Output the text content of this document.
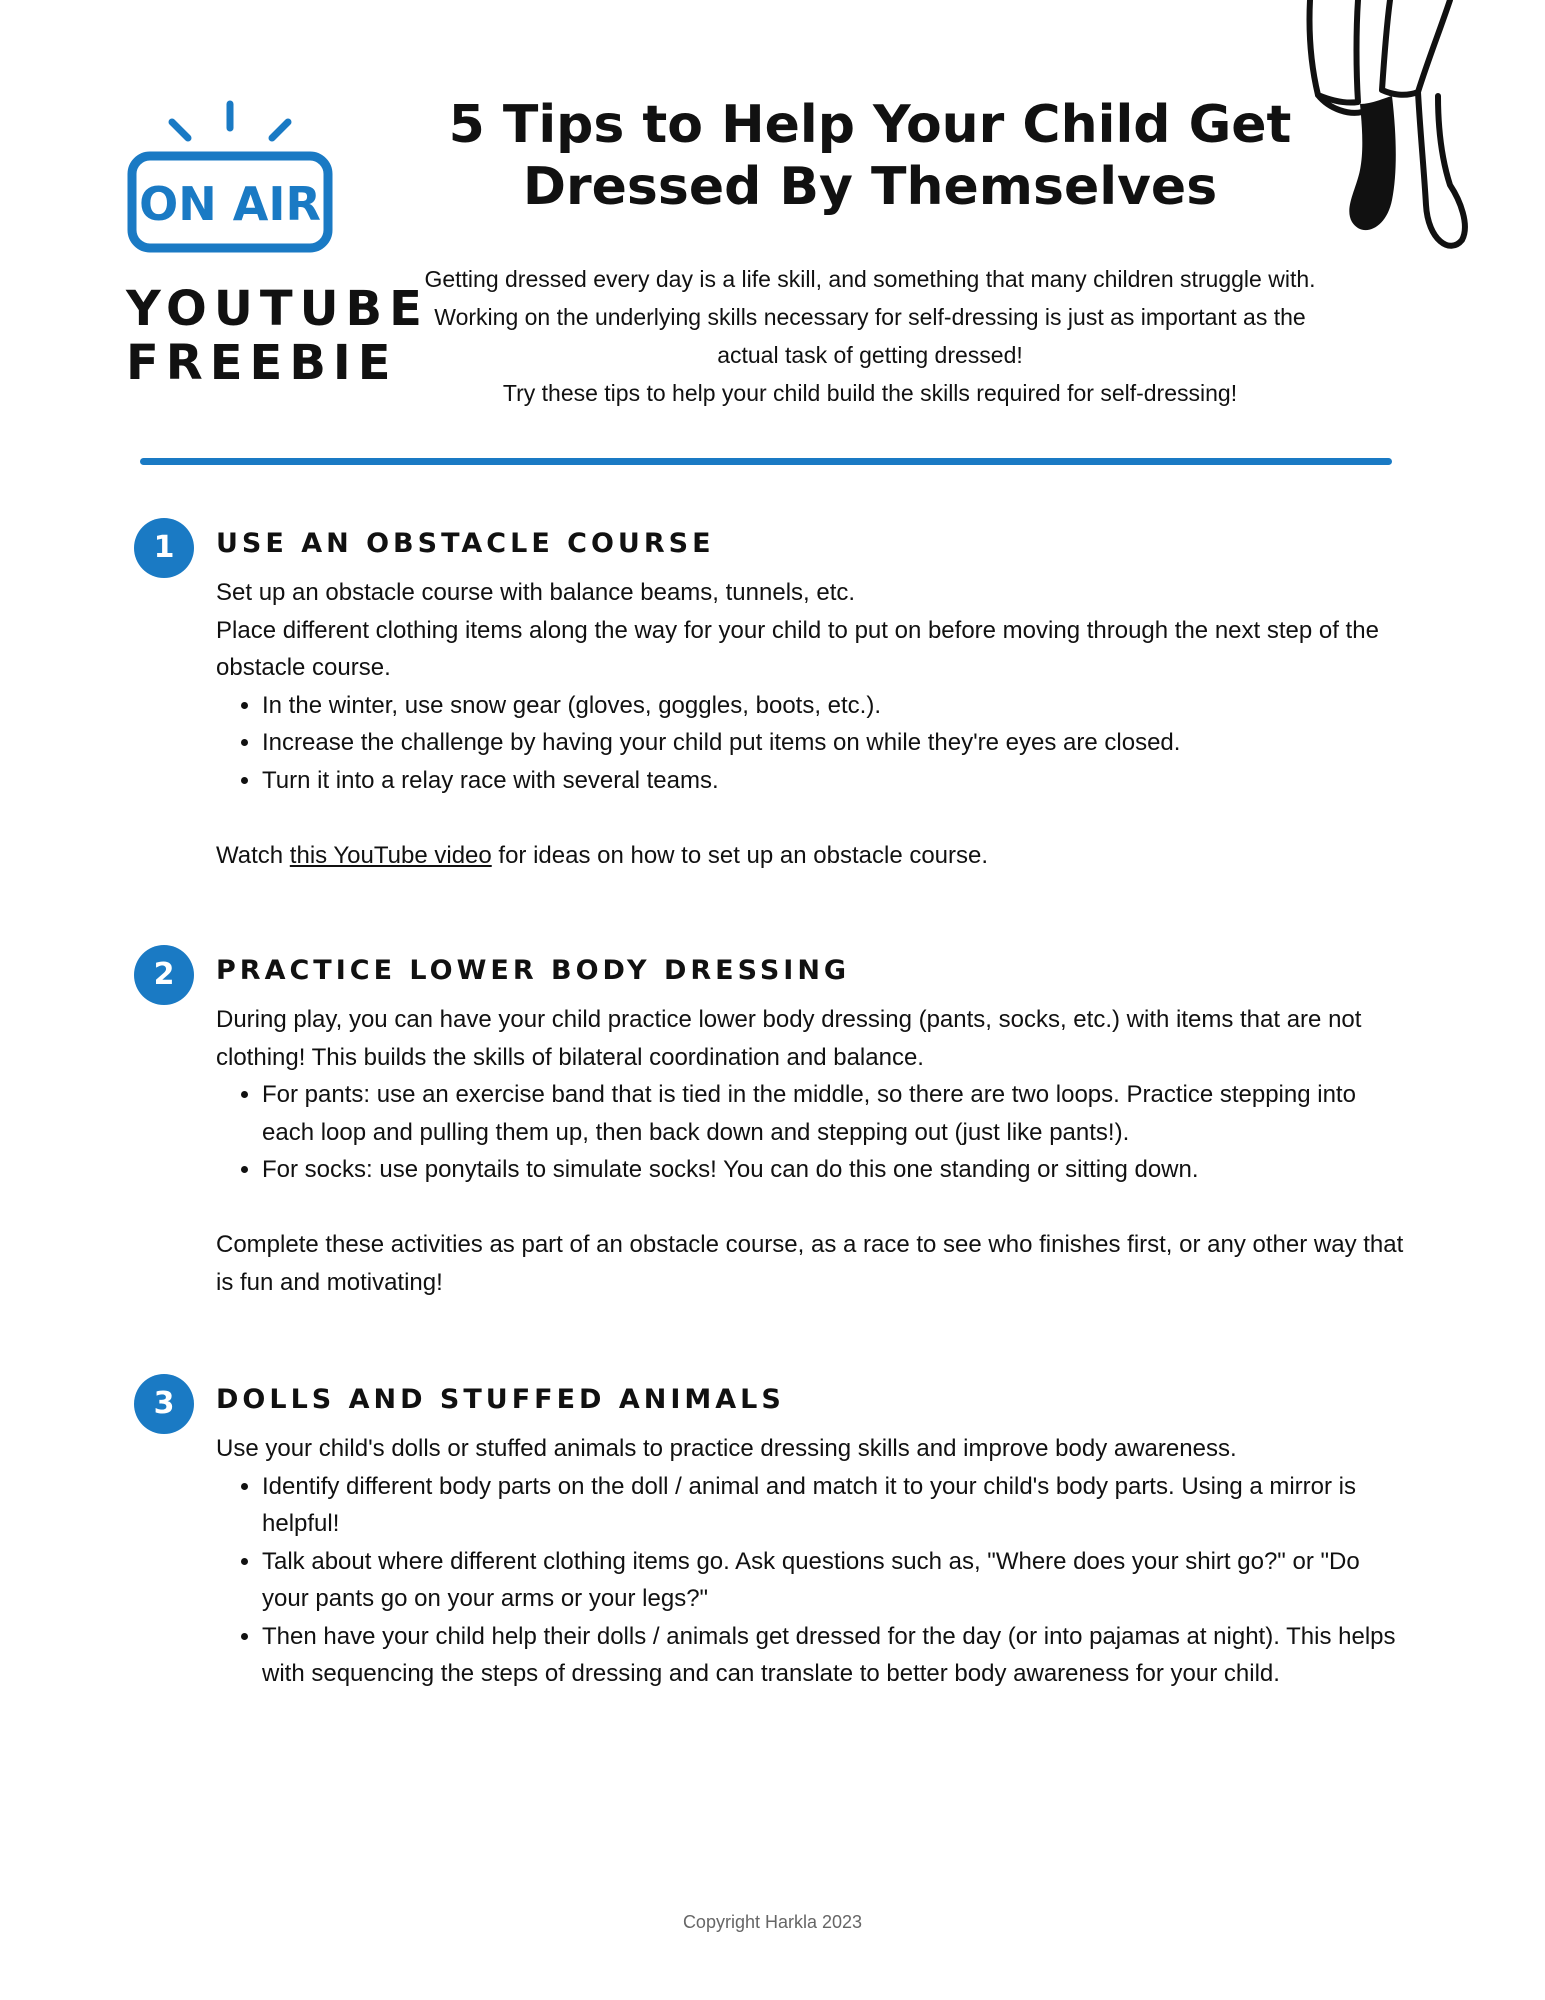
ON AIR
YOUTUBE
FREEBIE
5 Tips to Help Your Child Get
Dressed By Themselves
Getting dressed every day is a life skill, and something that many children struggle with.
Working on the underlying skills necessary for self-dressing is just as important as the
actual task of getting dressed!
Try these tips to help your child build the skills required for self-dressing!
1	USE AN OBSTACLE COURSE

Set up an obstacle course with balance beams, tunnels, etc.

Place different clothing items along the way for your child to put on before moving through the next step of the obstacle course.

• In the winter, use snow gear (gloves, goggles, boots, etc.).
• Increase the challenge by having your child put items on while they're eyes are closed.
• Turn it into a relay race with several teams.

Watch this YouTube video for ideas on how to set up an obstacle course.

2	PRACTICE LOWER BODY DRESSING

During play, you can have your child practice lower body dressing (pants, socks, etc.) with items that are not clothing! This builds the skills of bilateral coordination and balance.

• For pants: use an exercise band that is tied in the middle, so there are two loops. Practice stepping into each loop and pulling them up, then back down and stepping out (just like pants!).
• For socks: use ponytails to simulate socks! You can do this one standing or sitting down.

Complete these activities as part of an obstacle course, as a race to see who finishes first, or any other way that is fun and motivating!

3	DOLLS AND STUFFED ANIMALS

Use your child's dolls or stuffed animals to practice dressing skills and improve body awareness.

• Identify different body parts on the doll / animal and match it to your child's body parts. Using a mirror is helpful!
• Talk about where different clothing items go. Ask questions such as, "Where does your shirt go?" or "Do your pants go on your arms or your legs?"
• Then have your child help their dolls / animals get dressed for the day (or into pajamas at night). This helps with sequencing the steps of dressing and can translate to better body awareness for your child.
Copyright Harkla 2023
